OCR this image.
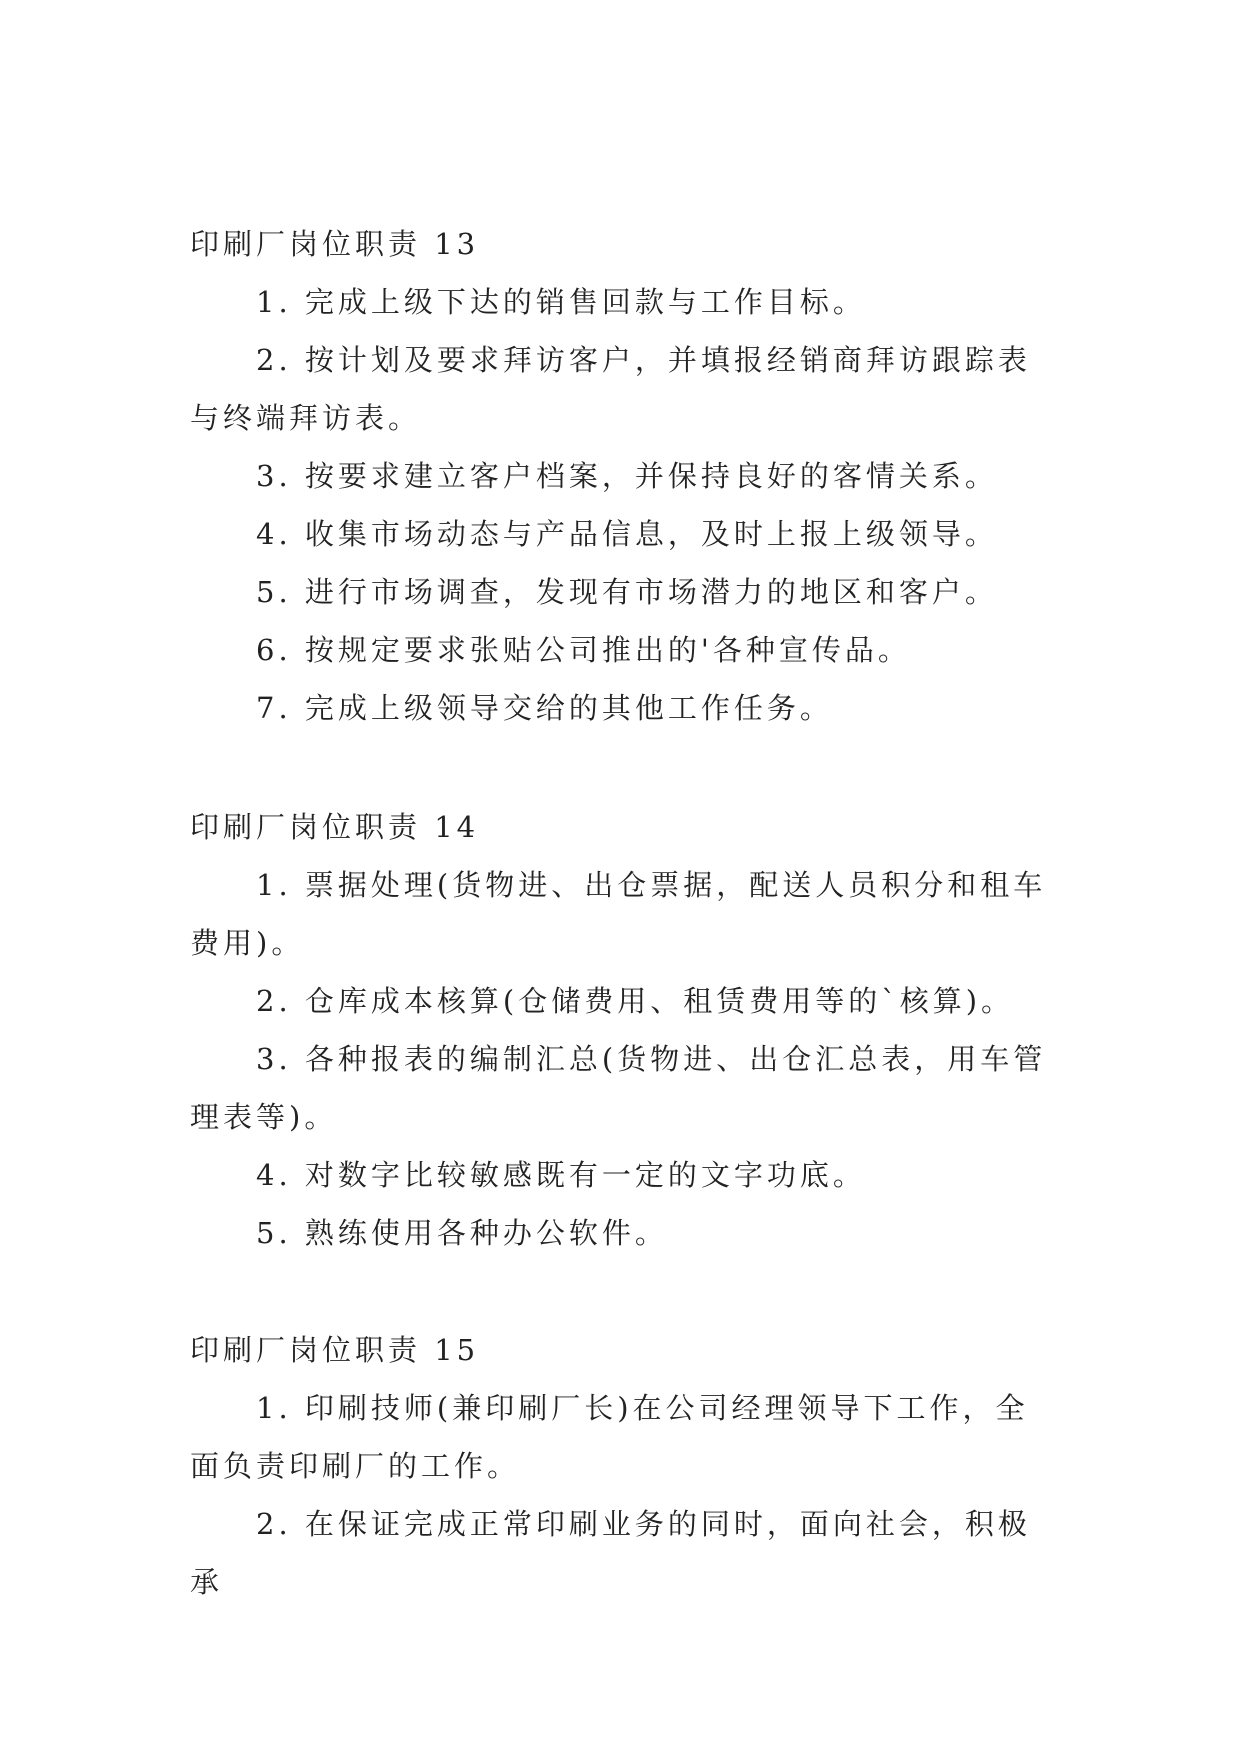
印刷厂岗位职责 13

1. 完成上级下达的销售回款与工作目标。

2. 按计划及要求拜访客户，并填报经销商拜访跟踪表与终端拜访表。

3. 按要求建立客户档案，并保持良好的客情关系。

4. 收集市场动态与产品信息，及时上报上级领导。

5. 进行市场调查，发现有市场潜力的地区和客户。

6. 按规定要求张贴公司推出的'各种宣传品。

7. 完成上级领导交给的其他工作任务。

印刷厂岗位职责 14

1. 票据处理(货物进、出仓票据，配送人员积分和租车费用)。

2. 仓库成本核算(仓储费用、租赁费用等的`核算)。

3. 各种报表的编制汇总(货物进、出仓汇总表，用车管理表等)。

4. 对数字比较敏感既有一定的文字功底。

5. 熟练使用各种办公软件。

印刷厂岗位职责 15

1. 印刷技师(兼印刷厂长)在公司经理领导下工作，全面负责印刷厂的工作。

2. 在保证完成正常印刷业务的同时，面向社会，积极承
